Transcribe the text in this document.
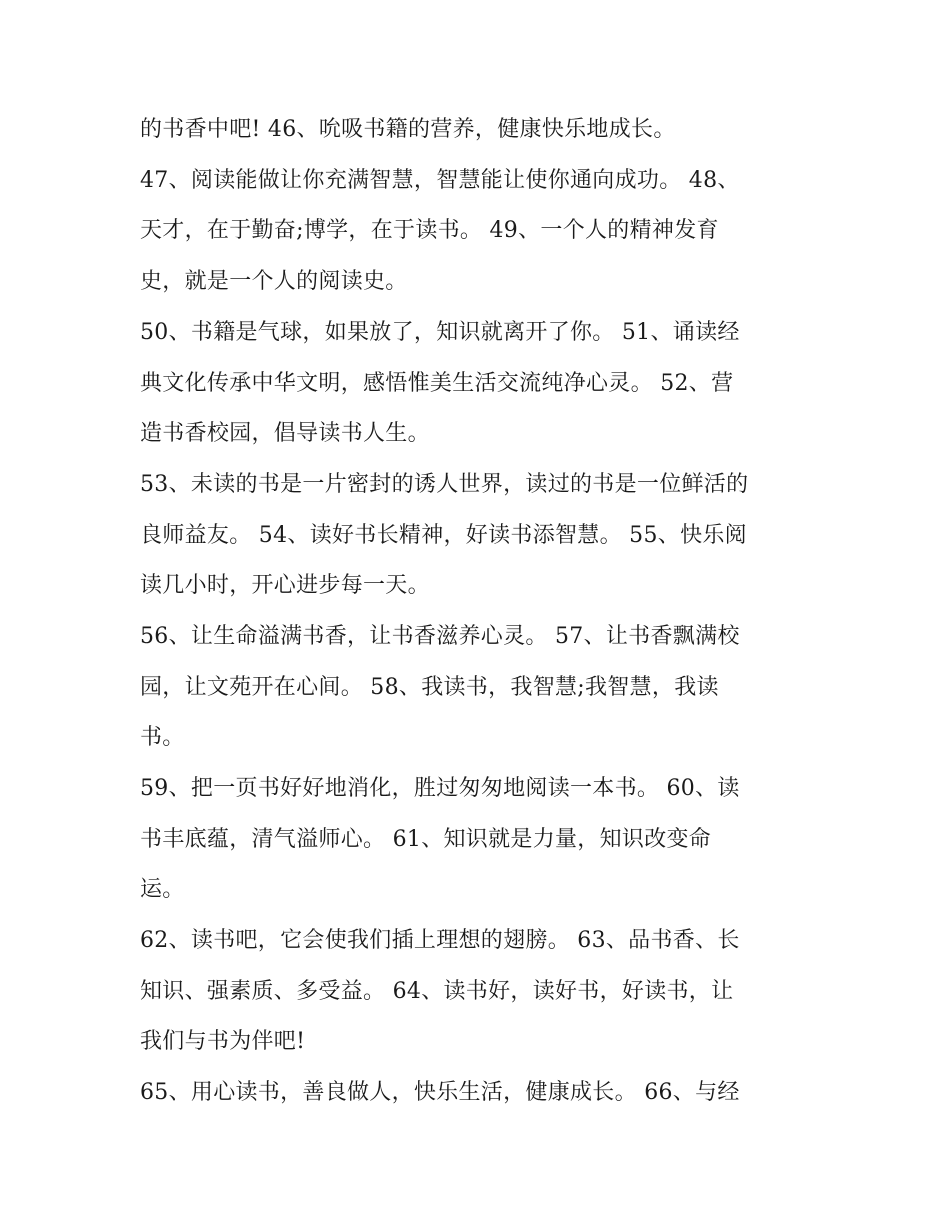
的书香中吧! 46、吮吸书籍的营养，健康快乐地成长。
47、阅读能做让你充满智慧，智慧能让使你通向成功。 48、
天才，在于勤奋;博学，在于读书。 49、一个人的精神发育
史，就是一个人的阅读史。
50、书籍是气球，如果放了，知识就离开了你。 51、诵读经
典文化传承中华文明，感悟惟美生活交流纯净心灵。 52、营
造书香校园，倡导读书人生。
53、未读的书是一片密封的诱人世界，读过的书是一位鲜活的
良师益友。 54、读好书长精神，好读书添智慧。 55、快乐阅
读几小时，开心进步每一天。
56、让生命溢满书香，让书香滋养心灵。 57、让书香飘满校
园，让文苑开在心间。 58、我读书，我智慧;我智慧，我读
书。
59、把一页书好好地消化，胜过匆匆地阅读一本书。 60、读
书丰底蕴，清气溢师心。 61、知识就是力量，知识改变命
运。
62、读书吧，它会使我们插上理想的翅膀。 63、品书香、长
知识、强素质、多受益。 64、读书好，读好书，好读书，让
我们与书为伴吧!
65、用心读书，善良做人，快乐生活，健康成长。 66、与经
